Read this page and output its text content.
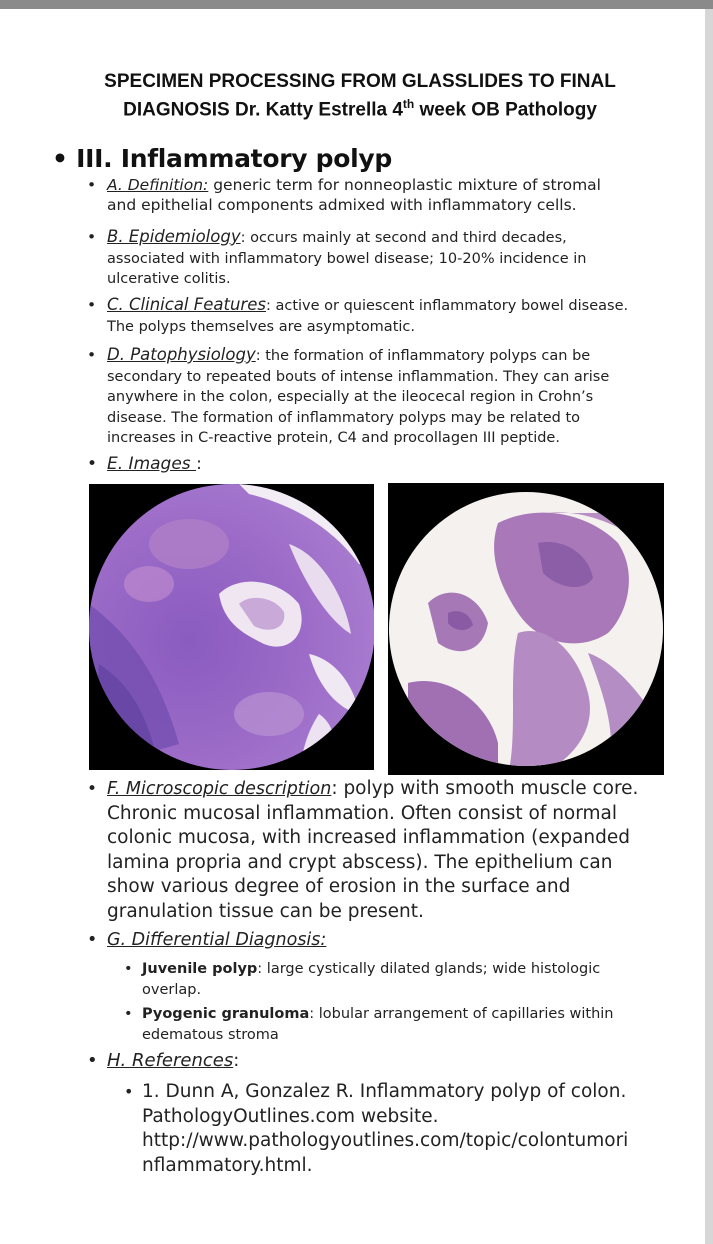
SPECIMEN PROCESSING FROM GLASSLIDES TO FINAL
DIAGNOSIS Dr. Katty Estrella 4th week OB Pathology
• III. Inflammatory polyp
• A. Definition: generic term for nonneoplastic mixture of stromal
and epithelial components admixed with inflammatory cells.
• B. Epidemiology: occurs mainly at second and third decades,
associated with inflammatory bowel disease; 10-20% incidence in
ulcerative colitis.
• C. Clinical Features: active or quiescent inflammatory bowel disease.
The polyps themselves are asymptomatic.
• D. Patophysiology: the formation of inflammatory polyps can be
secondary to repeated bouts of intense inflammation. They can arise
anywhere in the colon, especially at the ileocecal region in Crohn’s
disease. The formation of inflammatory polyps may be related to
increases in C-reactive protein, C4 and procollagen III peptide.
• E. Images :
• F. Microscopic description: polyp with smooth muscle core.
Chronic mucosal inflammation. Often consist of normal
colonic mucosa, with increased inflammation (expanded
lamina propria and crypt abscess). The epithelium can
show various degree of erosion in the surface and
granulation tissue can be present.
• G. Differential Diagnosis:
• Juvenile polyp: large cystically dilated glands; wide histologic
overlap.
• Pyogenic granuloma: lobular arrangement of capillaries within
edematous stroma
• H. References:
• 1. Dunn A, Gonzalez R. Inflammatory polyp of colon.
PathologyOutlines.com website.
http://www.pathologyoutlines.com/topic/colontumori
nflammatory.html.
